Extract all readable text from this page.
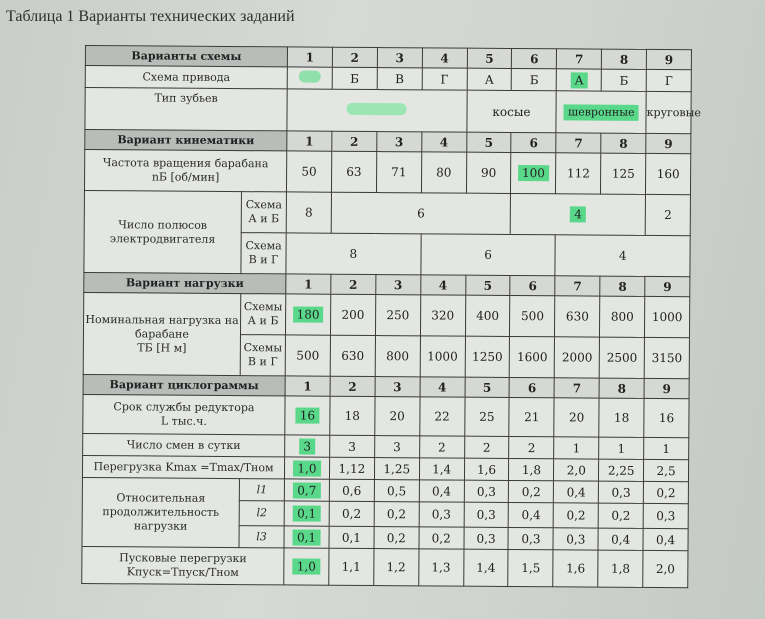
Таблица 1 Варианты технических заданий
Варианты схемы		1	2	3	4	5	6	7	8	9
Схема привода			Б	В	Г	А	Б	А	Б	Г
Тип зубьев						косые		шевронные		круговые
Вариант кинематики		1	2	3	4	5	6	7	8	9

Частота вращения барабана
nБ [об/мин]		50	63	71	80	90	100	112	125	160
Число полюсов электродвигателя	Схема А и Б	8	6				4			2
	Схема В и Г	8			6			4		
Вариант нагрузки		1	2	3	4	5	6	7	8	9

Номинальная нагрузка на барабане
TБ [Н м]	Схемы А и Б	180	200	250	320	400	500	630	800	1000
	Схемы В и Г	500	630	800	1000	1250	1600	2000	2500	3150
Вариант циклограммы		1	2	3	4	5	6	7	8	9

Срок службы редуктора
L тыс.ч.		16	18	20	22	25	21	20	18	16
Число смен в сутки		3	3	3	2	2	2	1	1	1
Перегрузка Kmax =Tmax/Tном		1,0	1,12	1,25	1,4	1,6	1,8	2,0	2,25	2,5
Относительная продолжительность нагрузки	l1	0,7	0,6	0,5	0,4	0,3	0,2	0,4	0,3	0,2
	l2	0,1	0,2	0,2	0,3	0,3	0,4	0,2	0,2	0,3
	l3	0,1	0,1	0,2	0,2	0,3	0,3	0,3	0,4	0,4

Пусковые перегрузки
Kпуск=Tпуск/Tном		1,0	1,1	1,2	1,3	1,4	1,5	1,6	1,8	2,0
